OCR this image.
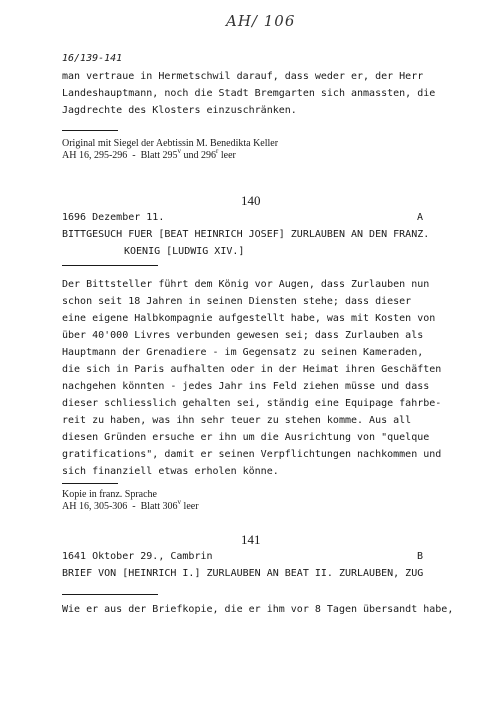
AH/ 106
16/139-141
man vertraue in Hermetschwil darauf, dass weder er, der Herr
Landeshauptmann, noch die Stadt Bremgarten sich anmassten, die
Jagdrechte des Klosters einzuschränken.
Original mit Siegel der Aebtissin M. Benedikta Keller
AH 16, 295-296  -  Blatt 295$^v$ und 296$^r$ leer
140
1696 Dezember 11.	A
BITTGESUCH FUER [BEAT HEINRICH JOSEF] ZURLAUBEN AN DEN FRANZ.
KOENIG [LUDWIG XIV.]
Der Bittsteller führt dem König vor Augen, dass Zurlauben nun
schon seit 18 Jahren in seinen Diensten stehe; dass dieser
eine eigene Halbkompagnie aufgestellt habe, was mit Kosten von
über 40'000 Livres verbunden gewesen sei; dass Zurlauben als
Hauptmann der Grenadiere - im Gegensatz zu seinen Kameraden,
die sich in Paris aufhalten oder in der Heimat ihren Geschäften
nachgehen könnten - jedes Jahr ins Feld ziehen müsse und dass
dieser schliesslich gehalten sei, ständig eine Equipage fahrbe-
reit zu haben, was ihn sehr teuer zu stehen komme. Aus all
diesen Gründen ersuche er ihn um die Ausrichtung von "quelque
gratifications", damit er seinen Verpflichtungen nachkommen und
sich finanziell etwas erholen könne.
Kopie in franz. Sprache
AH 16, 305-306  -  Blatt 306$^v$ leer
141
1641 Oktober 29., Cambrin	B
BRIEF VON [HEINRICH I.] ZURLAUBEN AN BEAT II. ZURLAUBEN, ZUG
Wie er aus der Briefkopie, die er ihm vor 8 Tagen übersandt habe,
